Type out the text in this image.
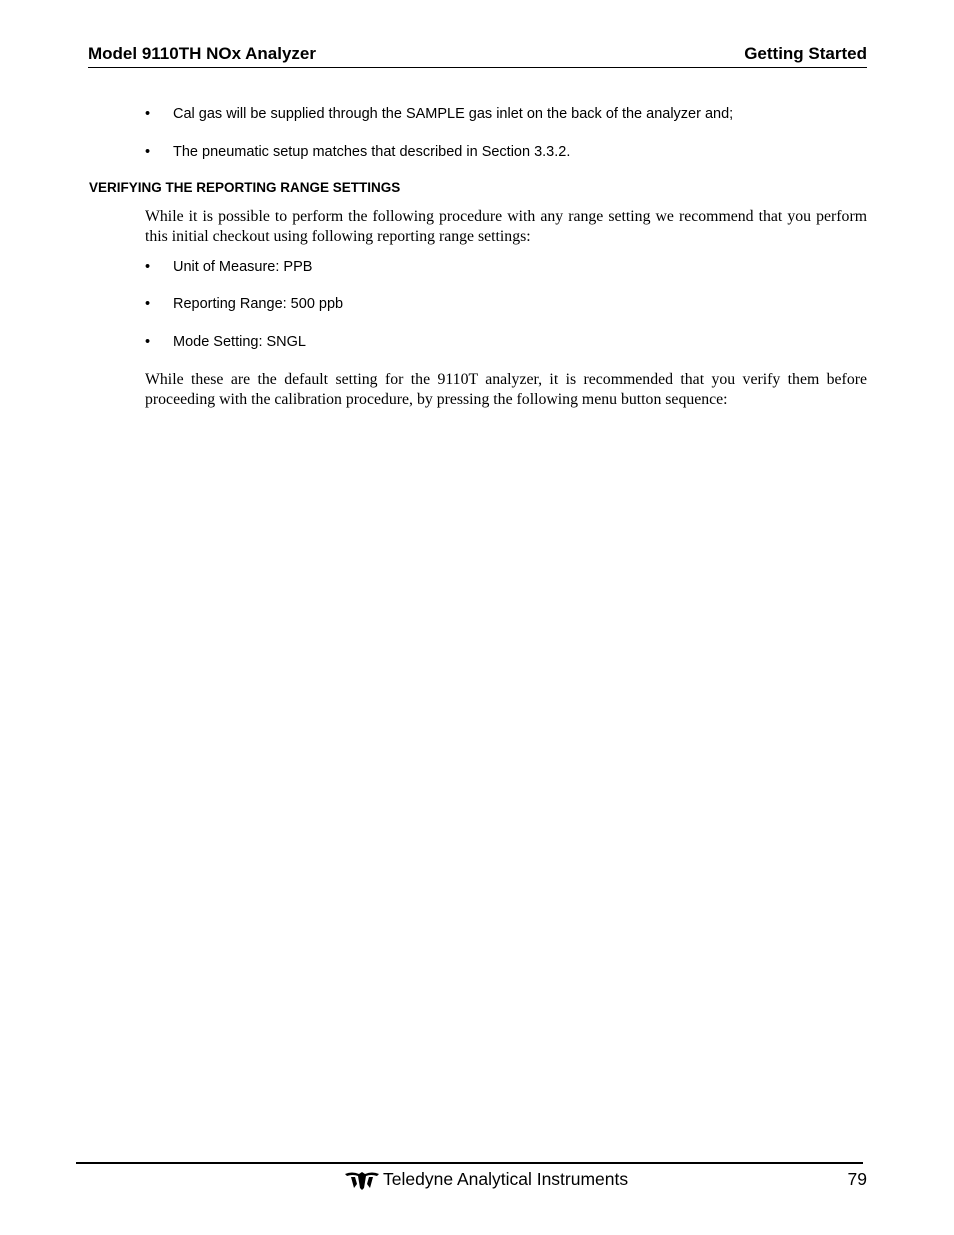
Model 9110TH NOx Analyzer	Getting Started
• Cal gas will be supplied through the SAMPLE gas inlet on the back of the analyzer and;
• The pneumatic setup matches that described in Section 3.3.2.
VERIFYING THE REPORTING RANGE SETTINGS
While it is possible to perform the following procedure with any range setting we recommend that you perform this initial checkout using following reporting range settings:
• Unit of Measure: PPB
• Reporting Range: 500 ppb
• Mode Setting: SNGL
While these are the default setting for the 9110T analyzer, it is recommended that you verify them before proceeding with the calibration procedure, by pressing the following menu button sequence:
Teledyne Analytical Instruments	79
